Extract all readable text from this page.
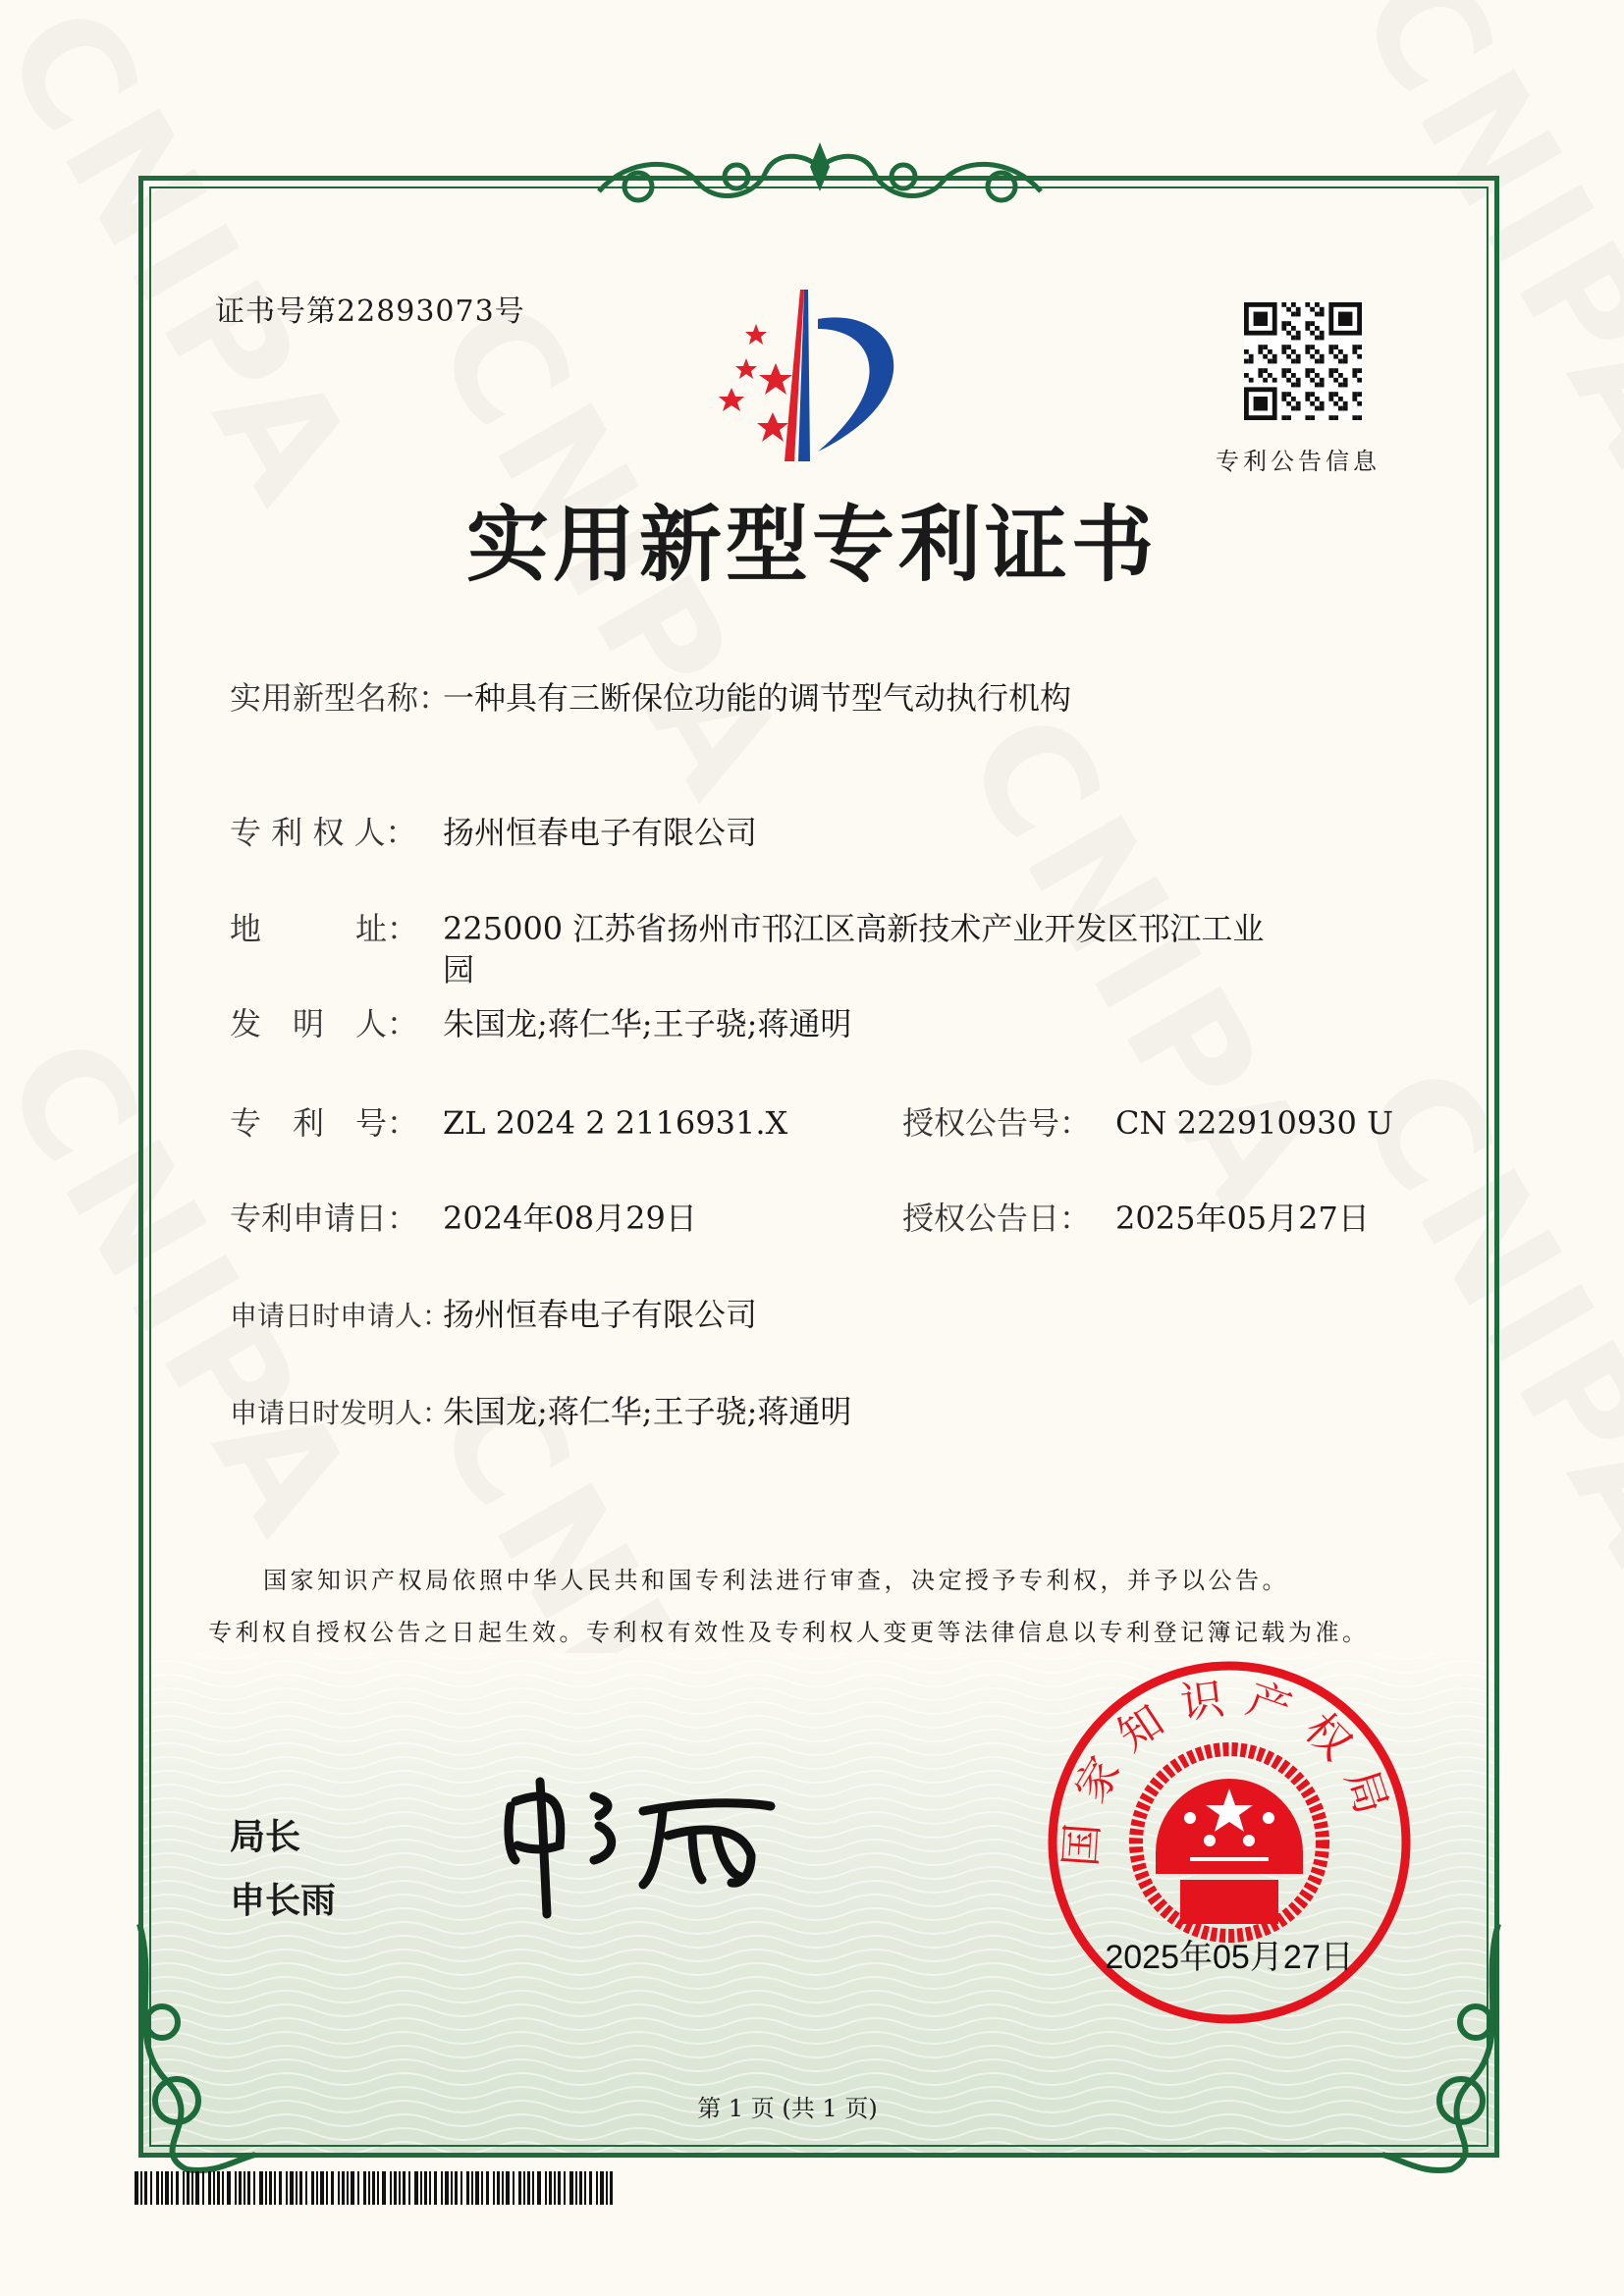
证书号第22893073号
专利公告信息
实用新型专利证书
实用新型名称：一种具有三断保位功能的调节型气动执行机构
专 利 权 人： 扬州恒春电子有限公司
地　　　址： 225000 江苏省扬州市邗江区高新技术产业开发区邗江工业
园
发　明　人： 朱国龙;蒋仁华;王子骁;蒋通明
专　利　号： ZL 2024 2 2116931.X	授权公告号： CN 222910930 U
专利申请日： 2024年08月29日	授权公告日： 2025年05月27日
申请日时申请人：扬州恒春电子有限公司
申请日时发明人：朱国龙;蒋仁华;王子骁;蒋通明
国家知识产权局依照中华人民共和国专利法进行审查，决定授予专利权，并予以公告。
专利权自授权公告之日起生效。专利权有效性及专利权人变更等法律信息以专利登记簿记载为准。
局长
申长雨
国家知识产权局
2025年05月27日
第 1 页 (共 1 页)
